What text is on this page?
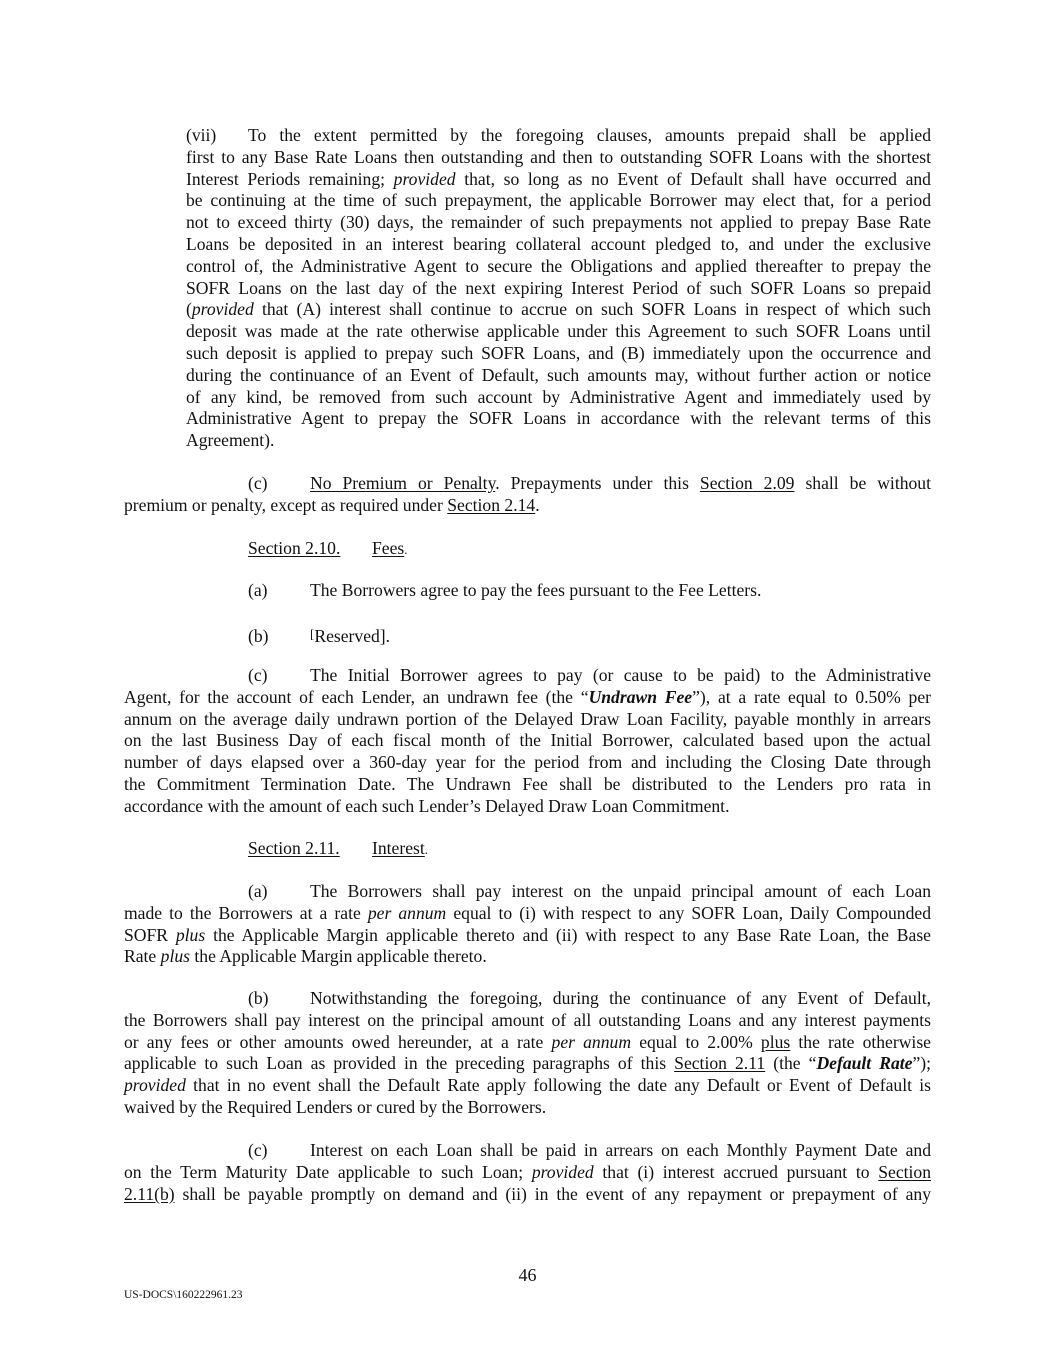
(vii) To the extent permitted by the foregoing clauses, amounts prepaid shall be applied
first to any Base Rate Loans then outstanding and then to outstanding SOFR Loans with the shortest
Interest Periods remaining; provided that, so long as no Event of Default shall have occurred and
be continuing at the time of such prepayment, the applicable Borrower may elect that, for a period
not to exceed thirty (30) days, the remainder of such prepayments not applied to prepay Base Rate
Loans be deposited in an interest bearing collateral account pledged to, and under the exclusive
control of, the Administrative Agent to secure the Obligations and applied thereafter to prepay the
SOFR Loans on the last day of the next expiring Interest Period of such SOFR Loans so prepaid
(provided that (A) interest shall continue to accrue on such SOFR Loans in respect of which such
deposit was made at the rate otherwise applicable under this Agreement to such SOFR Loans until
such deposit is applied to prepay such SOFR Loans, and (B) immediately upon the occurrence and
during the continuance of an Event of Default, such amounts may, without further action or notice
of any kind, be removed from such account by Administrative Agent and immediately used by
Administrative Agent to prepay the SOFR Loans in accordance with the relevant terms of this
Agreement).
(c) No Premium or Penalty. Prepayments under this Section 2.09 shall be without
premium or penalty, except as required under Section 2.14.
Section 2.10. Fees.
(a) The Borrowers agree to pay the fees pursuant to the Fee Letters.
(b)	[Reserved].
(c) The Initial Borrower agrees to pay (or cause to be paid) to the Administrative
Agent, for the account of each Lender, an undrawn fee (the “Undrawn Fee”), at a rate equal to 0.50% per
annum on the average daily undrawn portion of the Delayed Draw Loan Facility, payable monthly in arrears
on the last Business Day of each fiscal month of the Initial Borrower, calculated based upon the actual
number of days elapsed over a 360-day year for the period from and including the Closing Date through
the Commitment Termination Date. The Undrawn Fee shall be distributed to the Lenders pro rata in
accordance with the amount of each such Lender’s Delayed Draw Loan Commitment.
Section 2.11. Interest.
(a) The Borrowers shall pay interest on the unpaid principal amount of each Loan
made to the Borrowers at a rate per annum equal to (i) with respect to any SOFR Loan, Daily Compounded
SOFR plus the Applicable Margin applicable thereto and (ii) with respect to any Base Rate Loan, the Base
Rate plus the Applicable Margin applicable thereto.
(b) Notwithstanding the foregoing, during the continuance of any Event of Default,
the Borrowers shall pay interest on the principal amount of all outstanding Loans and any interest payments
or any fees or other amounts owed hereunder, at a rate per annum equal to 2.00% plus the rate otherwise
applicable to such Loan as provided in the preceding paragraphs of this Section 2.11 (the “Default Rate”);
provided that in no event shall the Default Rate apply following the date any Default or Event of Default is
waived by the Required Lenders or cured by the Borrowers.
(c) Interest on each Loan shall be paid in arrears on each Monthly Payment Date and
on the Term Maturity Date applicable to such Loan; provided that (i) interest accrued pursuant to Section
2.11(b) shall be payable promptly on demand and (ii) in the event of any repayment or prepayment of any
46
US-DOCS\160222961.23
